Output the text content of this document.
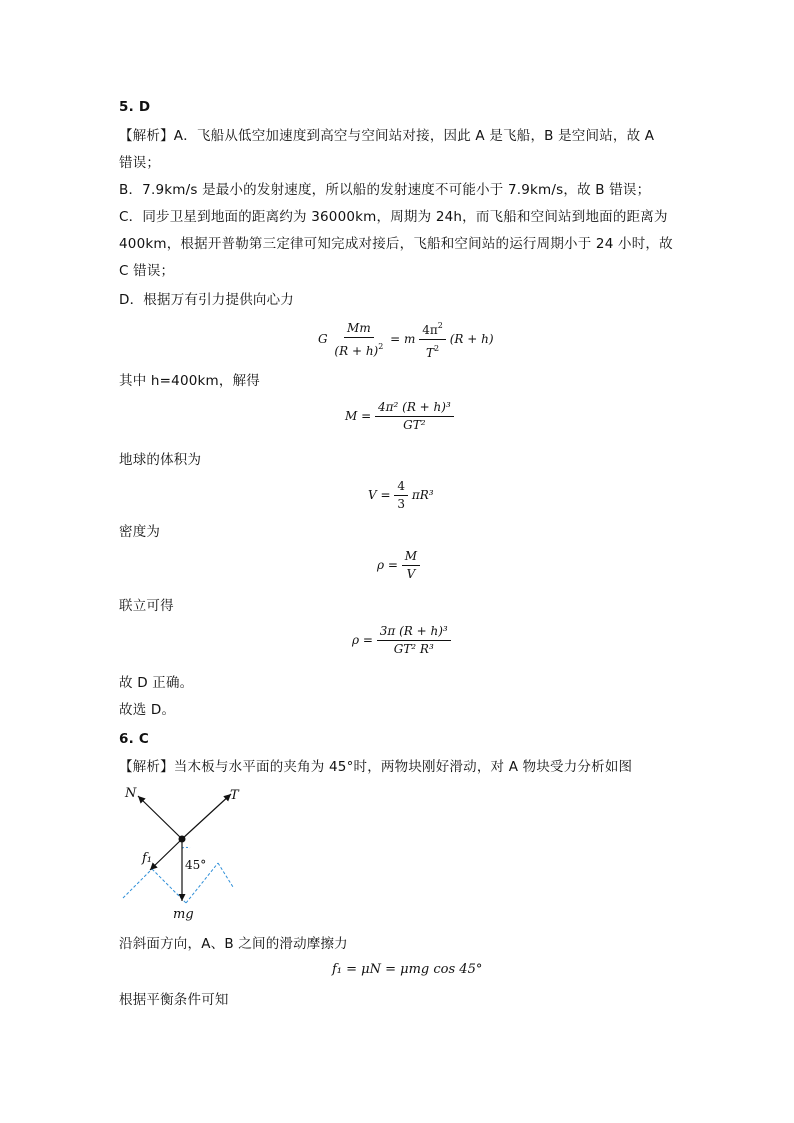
5. D
【解析】A．飞船从低空加速度到高空与空间站对接，因此 A 是飞船，B 是空间站，故 A
错误；
B．7.9km/s 是最小的发射速度，所以船的发射速度不可能小于 7.9km/s，故 B 错误；
C．同步卫星到地面的距离约为 36000km，周期为 24h，而飞船和空间站到地面的距离为
400km，根据开普勒第三定律可知完成对接后，飞船和空间站的运行周期小于 24 小时，故
C 错误；
D．根据万有引力提供向心力
G $\frac{Mm}{(R + h)^2} = m \frac{4\pi^2}{T^2} (R + h)$
其中 h=400km，解得
$M = \frac{\text{4π² (R + h)³}}{\text{GT²}}$
地球的体积为
$V = \frac{4}{3} \pi R^3$
密度为
$\rho = \frac{M}{V}$
联立可得
$\rho = \frac{\text{3π (R + h)³}}{\text{GT² R³}}$
故 D 正确。
故选 D。
6. C
【解析】当木板与水平面的夹角为 45°时，两物块刚好滑动，对 A 物块受力分析如图
N	T
f₁	45°
mg
沿斜面方向，A、B 之间的滑动摩擦力
f₁ = μN = μmg cos 45°
根据平衡条件可知
